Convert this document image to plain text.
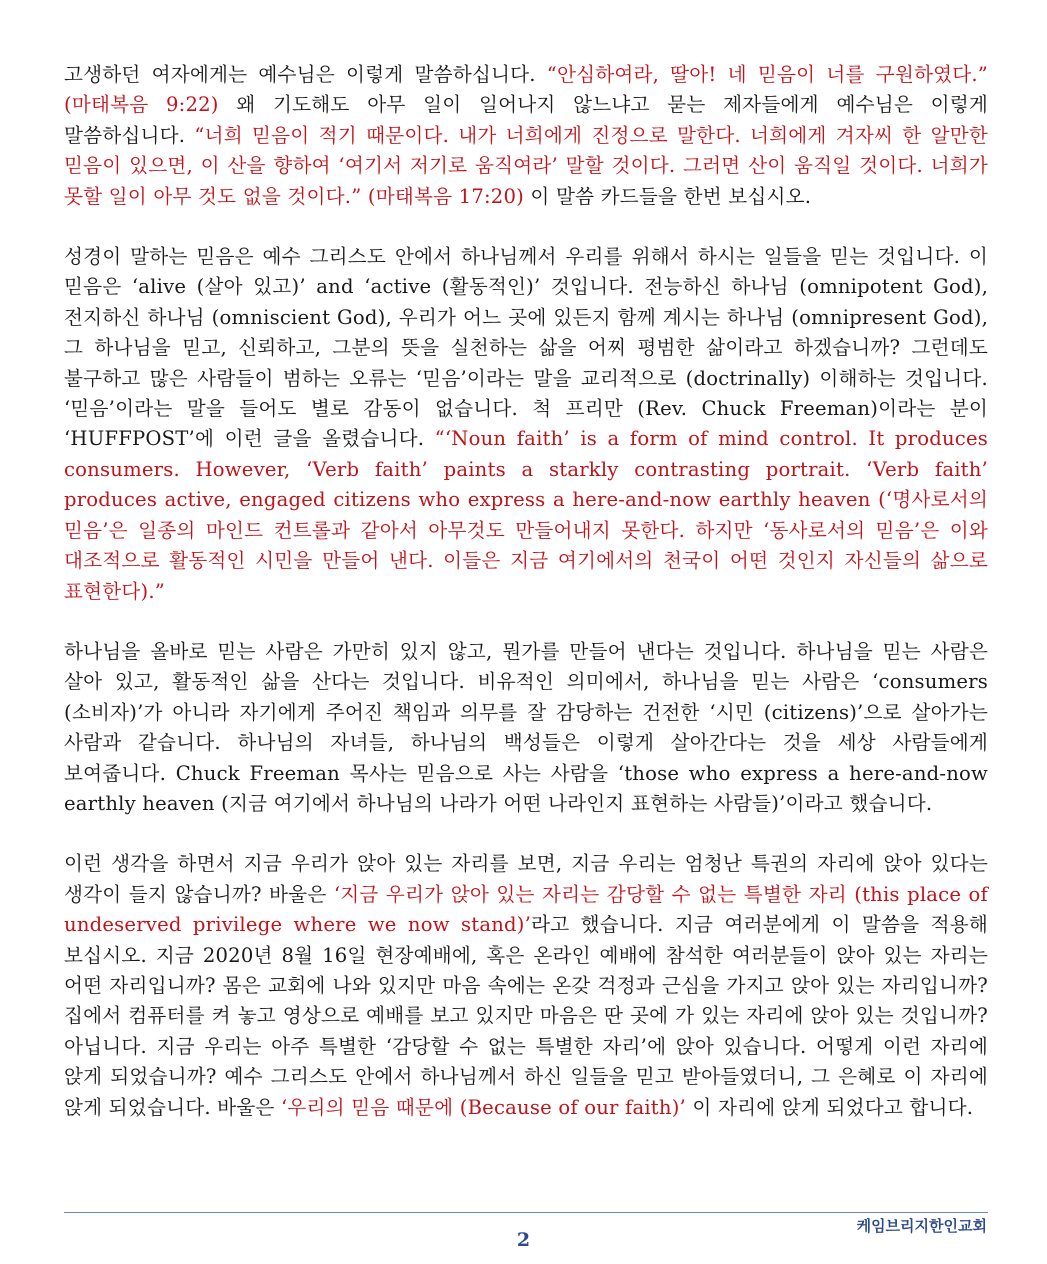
고생하던 여자에게는 예수님은 이렇게 말씀하십니다. “안심하여라, 딸아! 네 믿음이 너를 구원하였다.” (마태복음 9:22) 왜 기도해도 아무 일이 일어나지 않느냐고 묻는 제자들에게 예수님은 이렇게 말씀하십니다. “너희 믿음이 적기 때문이다. 내가 너희에게 진정으로 말한다. 너희에게 겨자씨 한 알만한 믿음이 있으면, 이 산을 향하여 ‘여기서 저기로 움직여라’ 말할 것이다. 그러면 산이 움직일 것이다. 너희가 못할 일이 아무 것도 없을 것이다.” (마태복음 17:20) 이 말씀 카드들을 한번 보십시오.

성경이 말하는 믿음은 예수 그리스도 안에서 하나님께서 우리를 위해서 하시는 일들을 믿는 것입니다. 이 믿음은 ‘alive (살아 있고)’ and ‘active (활동적인)’ 것입니다. 전능하신 하나님 (omnipotent God), 전지하신 하나님 (omniscient God), 우리가 어느 곳에 있든지 함께 계시는 하나님 (omnipresent God), 그 하나님을 믿고, 신뢰하고, 그분의 뜻을 실천하는 삶을 어찌 평범한 삶이라고 하겠습니까? 그런데도 불구하고 많은 사람들이 범하는 오류는 ‘믿음’이라는 말을 교리적으로 (doctrinally) 이해하는 것입니다. ‘믿음’이라는 말을 들어도 별로 감동이 없습니다. 척 프리만 (Rev. Chuck Freeman)이라는 분이 ‘HUFFPOST’에 이런 글을 올렸습니다. “‘Noun faith’ is a form of mind control. It produces consumers. However, ‘Verb faith’ paints a starkly contrasting portrait. ‘Verb faith’ produces active, engaged citizens who express a here-and-now earthly heaven (‘명사로서의 믿음’은 일종의 마인드 컨트롤과 같아서 아무것도 만들어내지 못한다. 하지만 ‘동사로서의 믿음’은 이와 대조적으로 활동적인 시민을 만들어 낸다. 이들은 지금 여기에서의 천국이 어떤 것인지 자신들의 삶으로 표현한다).”

하나님을 올바로 믿는 사람은 가만히 있지 않고, 뭔가를 만들어 낸다는 것입니다. 하나님을 믿는 사람은 살아 있고, 활동적인 삶을 산다는 것입니다. 비유적인 의미에서, 하나님을 믿는 사람은 ‘consumers (소비자)’가 아니라 자기에게 주어진 책임과 의무를 잘 감당하는 건전한 ‘시민 (citizens)’으로 살아가는 사람과 같습니다. 하나님의 자녀들, 하나님의 백성들은 이렇게 살아간다는 것을 세상 사람들에게 보여줍니다. Chuck Freeman 목사는 믿음으로 사는 사람을 ‘those who express a here-and-now earthly heaven (지금 여기에서 하나님의 나라가 어떤 나라인지 표현하는 사람들)’이라고 했습니다.

이런 생각을 하면서 지금 우리가 앉아 있는 자리를 보면, 지금 우리는 엄청난 특권의 자리에 앉아 있다는 생각이 들지 않습니까? 바울은 ‘지금 우리가 앉아 있는 자리는 감당할 수 없는 특별한 자리 (this place of undeserved privilege where we now stand)’라고 했습니다. 지금 여러분에게 이 말씀을 적용해 보십시오. 지금 2020년 8월 16일 현장예배에, 혹은 온라인 예배에 참석한 여러분들이 앉아 있는 자리는 어떤 자리입니까? 몸은 교회에 나와 있지만 마음 속에는 온갖 걱정과 근심을 가지고 앉아 있는 자리입니까? 집에서 컴퓨터를 켜 놓고 영상으로 예배를 보고 있지만 마음은 딴 곳에 가 있는 자리에 앉아 있는 것입니까? 아닙니다. 지금 우리는 아주 특별한 ‘감당할 수 없는 특별한 자리’에 앉아 있습니다. 어떻게 이런 자리에 앉게 되었습니까? 예수 그리스도 안에서 하나님께서 하신 일들을 믿고 받아들였더니, 그 은혜로 이 자리에 앉게 되었습니다. 바울은 ‘우리의 믿음 때문에 (Because of our faith)’ 이 자리에 앉게 되었다고 합니다.

케임브리지한인교회
2
